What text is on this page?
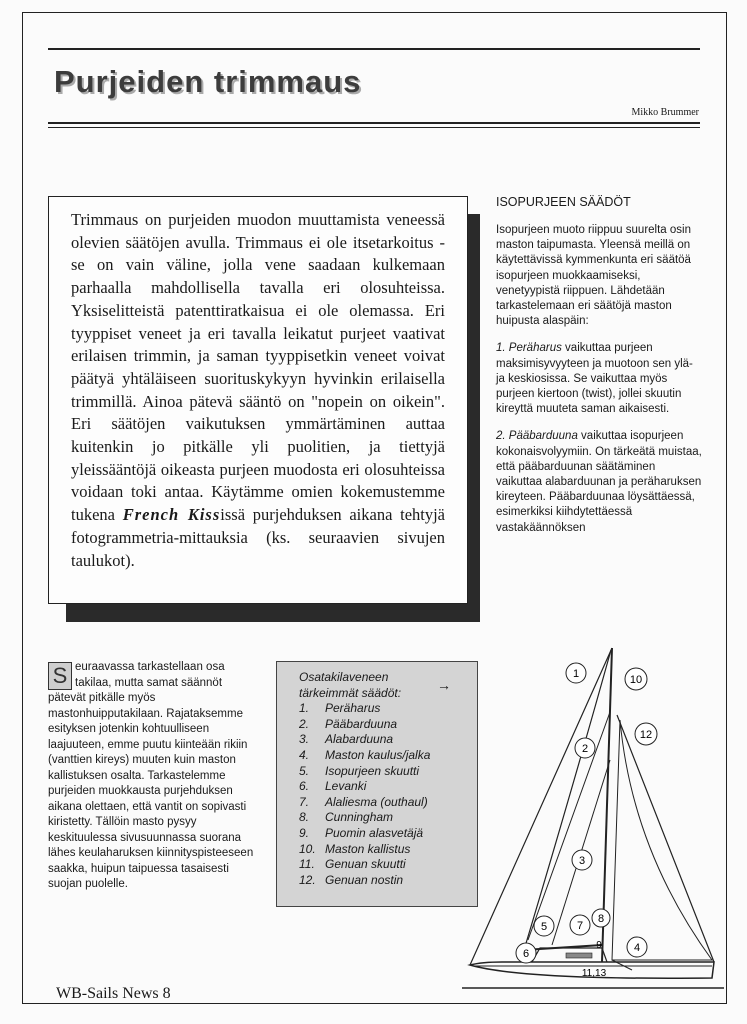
Purjeiden trimmaus
Mikko Brummer

Trimmaus on purjeiden muodon muuttamista veneessä olevien säätöjen avulla. Trimmaus ei ole itsetarkoitus - se on vain väline, jolla vene saadaan kulkemaan parhaalla mahdollisella tavalla eri olosuhteissa. Yksiselitteistä patenttiratkaisua ei ole olemassa. Eri tyyppiset veneet ja eri tavalla leikatut purjeet vaativat erilaisen trimmin, ja saman tyyppisetkin veneet voivat päätyä yhtäläiseen suorituskykyyn hyvinkin erilaisella trimmillä. Ainoa pätevä sääntö on "nopein on oikein". Eri säätöjen vaikutuksen ymmärtäminen auttaa kuitenkin jo pitkälle yli puolitien, ja tiettyjä yleissääntöjä oikeasta purjeen muodosta eri olosuhteissa voidaan toki antaa. Käytämme omien kokemustemme tukena French Kississä purjehduksen aikana tehtyjä fotogrammetria-mittauksia (ks. seuraavien sivujen taulukot).

ISOPURJEEN SÄÄDÖT

Isopurjeen muoto riippuu suurelta osin maston taipumasta. Yleensä meillä on käytettävissä kymmenkunta eri säätöä isopurjeen muokkaamiseksi, venetyypistä riippuen. Lähdetään tarkastelemaan eri säätöjä maston huipusta alaspäin:

1. Peräharus vaikuttaa purjeen maksimisyvyyteen ja muotoon sen ylä- ja keskiosissa. Se vaikuttaa myös purjeen kiertoon (twist), jollei skuutin kireyttä muuteta saman aikaisesti.

2. Pääbarduuna vaikuttaa isopurjeen kokonaisvolyymiin. On tärkeätä muistaa, että pääbarduunan säätäminen vaikuttaa alabarduunan ja peräharuksen kireyteen. Pääbarduunaa löysättäessä, esimerkiksi kiihdytettäessä vastakäännöksen

S euraavassa tarkastellaan osa takilaa, mutta samat säännöt pätevät pitkälle myös mastonhuipputakilaan. Rajataksemme esityksen jotenkin kohtuulliseen laajuuteen, emme puutu kiinteään rikiin (vanttien kireys) muuten kuin maston kallistuksen osalta. Tarkastelemme purjeiden muokkausta purjehduksen aikana olettaen, että vantit on sopivasti kiristetty. Tällöin masto pysyy keskituulessa sivusuunnassa suorana lähes keulaharuksen kiinnityspisteeseen saakka, huipun taipuessa tasaisesti suojan puolelle.

Osatakilaveneen

tärkeimmät säädöt:	→
1.	Peräharus
2.	Pääbarduuna
3.	Alabarduuna
4.	Maston kaulus/jalka
5.	Isopurjeen skuutti
6.	Levanki
7.	Alaliesma (outhaul)
8.	Cunningham
9.	Puomin alasvetäjä
10. Maston kallistus
11. Genuan skuutti
12. Genuan nostin
1	10
12
2
3
5	7
8
9	4
6
11,13
WB-Sails News 8
